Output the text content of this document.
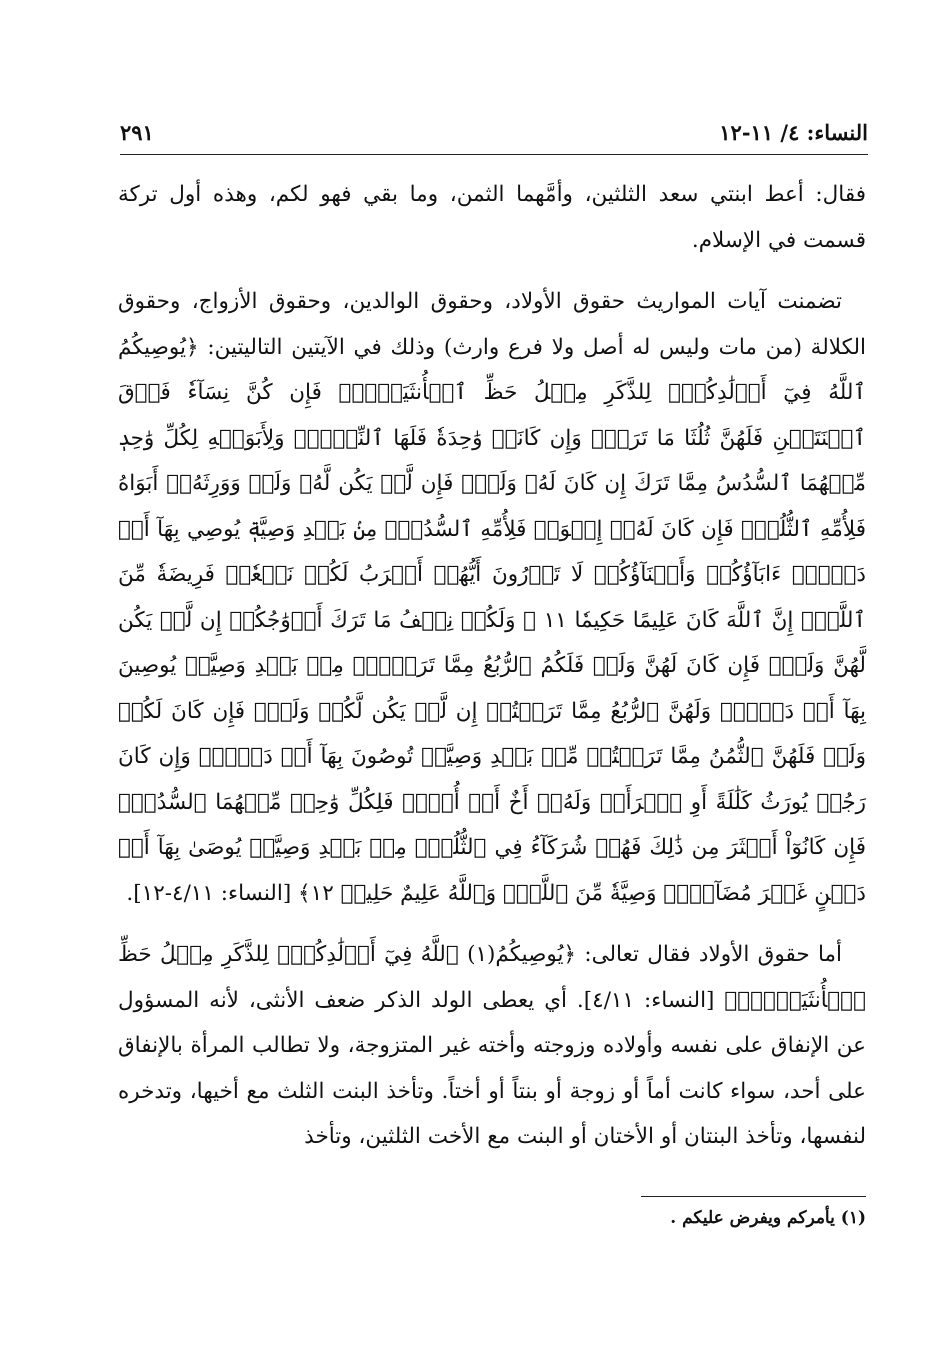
النساء: ٤/ ١١-١٢
٢٩١

فقال: أعط ابنتي سعد الثلثين، وأمَّهما الثمن، وما بقي فهو لكم، وهذه أول تركة قسمت في الإسلام.

تضمنت آيات المواريث حقوق الأولاد، وحقوق الوالدين، وحقوق الأزواج، وحقوق الكلالة (من مات وليس له أصل ولا فرع وارث) وذلك في الآيتين التاليتين: ﴿يُوصِيكُمُ ٱللَّهُ فِيٓ أَوۡلَٰدِكُمۡۖ لِلذَّكَرِ مِثۡلُ حَظِّ ٱلۡأُنثَيَيۡنِۚ فَإِن كُنَّ نِسَآءٗ فَوۡقَ ٱثۡنَتَيۡنِ فَلَهُنَّ ثُلُثَا مَا تَرَكَۖ وَإِن كَانَتۡ وَٰحِدَةٗ فَلَهَا ٱلنِّصۡفُۚ وَلِأَبَوَيۡهِ لِكُلِّ وَٰحِدٖ مِّنۡهُمَا ٱلسُّدُسُ مِمَّا تَرَكَ إِن كَانَ لَهُۥ وَلَدٞۚ فَإِن لَّمۡ يَكُن لَّهُۥ وَلَدٞ وَوَرِثَهُۥٓ أَبَوَاهُ فَلِأُمِّهِ ٱلثُّلُثُۚ فَإِن كَانَ لَهُۥٓ إِخۡوَةٞ فَلِأُمِّهِ ٱلسُّدُسُۚ مِنۢ بَعۡدِ وَصِيَّةٖ يُوصِي بِهَآ أَوۡ دَيۡنٍۗ ءَابَآؤُكُمۡ وَأَبۡنَآؤُكُمۡ لَا تَدۡرُونَ أَيُّهُمۡ أَقۡرَبُ لَكُمۡ نَفۡعٗاۚ فَرِيضَةٗ مِّنَ ٱللَّهِۗ إِنَّ ٱللَّهَ كَانَ عَلِيمًا حَكِيمٗا ١١ ۞ وَلَكُمۡ نِصۡفُ مَا تَرَكَ أَزۡوَٰجُكُمۡ إِن لَّمۡ يَكُن لَّهُنَّ وَلَدٞۚ فَإِن كَانَ لَهُنَّ وَلَدٞ فَلَكُمُ ٱلرُّبُعُ مِمَّا تَرَكۡنَۚ مِنۢ بَعۡدِ وَصِيَّةٖ يُوصِينَ بِهَآ أَوۡ دَيۡنٖۚ وَلَهُنَّ ٱلرُّبُعُ مِمَّا تَرَكۡتُمۡ إِن لَّمۡ يَكُن لَّكُمۡ وَلَدٞۚ فَإِن كَانَ لَكُمۡ وَلَدٞ فَلَهُنَّ ٱلثُّمُنُ مِمَّا تَرَكۡتُمۚ مِّنۢ بَعۡدِ وَصِيَّةٖ تُوصُونَ بِهَآ أَوۡ دَيۡنٖۗ وَإِن كَانَ رَجُلٞ يُورَثُ كَلَٰلَةً أَوِ ٱمۡرَأَةٞ وَلَهُۥٓ أَخٌ أَوۡ أُخۡتٞ فَلِكُلِّ وَٰحِدٖ مِّنۡهُمَا ٱلسُّدُسُۚ فَإِن كَانُوٓاْ أَكۡثَرَ مِن ذَٰلِكَ فَهُمۡ شُرَكَآءُ فِي ٱلثُّلُثِۚ مِنۢ بَعۡدِ وَصِيَّةٖ يُوصَىٰ بِهَآ أَوۡ دَيۡنٍ غَيۡرَ مُضَآرّٖۚ وَصِيَّةٗ مِّنَ ٱللَّهِۗ وَٱللَّهُ عَلِيمٌ حَلِيمٞ ١٢﴾ [النساء: ٤/١١-١٢].

أما حقوق الأولاد فقال تعالى: ﴿يُوصِيكُمُ(١) ٱللَّهُ فِيٓ أَوۡلَٰدِكُمۡۖ لِلذَّكَرِ مِثۡلُ حَظِّ ٱلۡأُنثَيَيۡنِۚ﴾ [النساء: ٤/١١]. أي يعطى الولد الذكر ضعف الأنثى، لأنه المسؤول عن الإنفاق على نفسه وأولاده وزوجته وأخته غير المتزوجة، ولا تطالب المرأة بالإنفاق على أحد، سواء كانت أماً أو زوجة أو بنتاً أو أختاً. وتأخذ البنت الثلث مع أخيها، وتدخره لنفسها، وتأخذ البنتان أو الأختان أو البنت مع الأخت الثلثين، وتأخذ

(١) يأمركم ويفرض عليكم .
